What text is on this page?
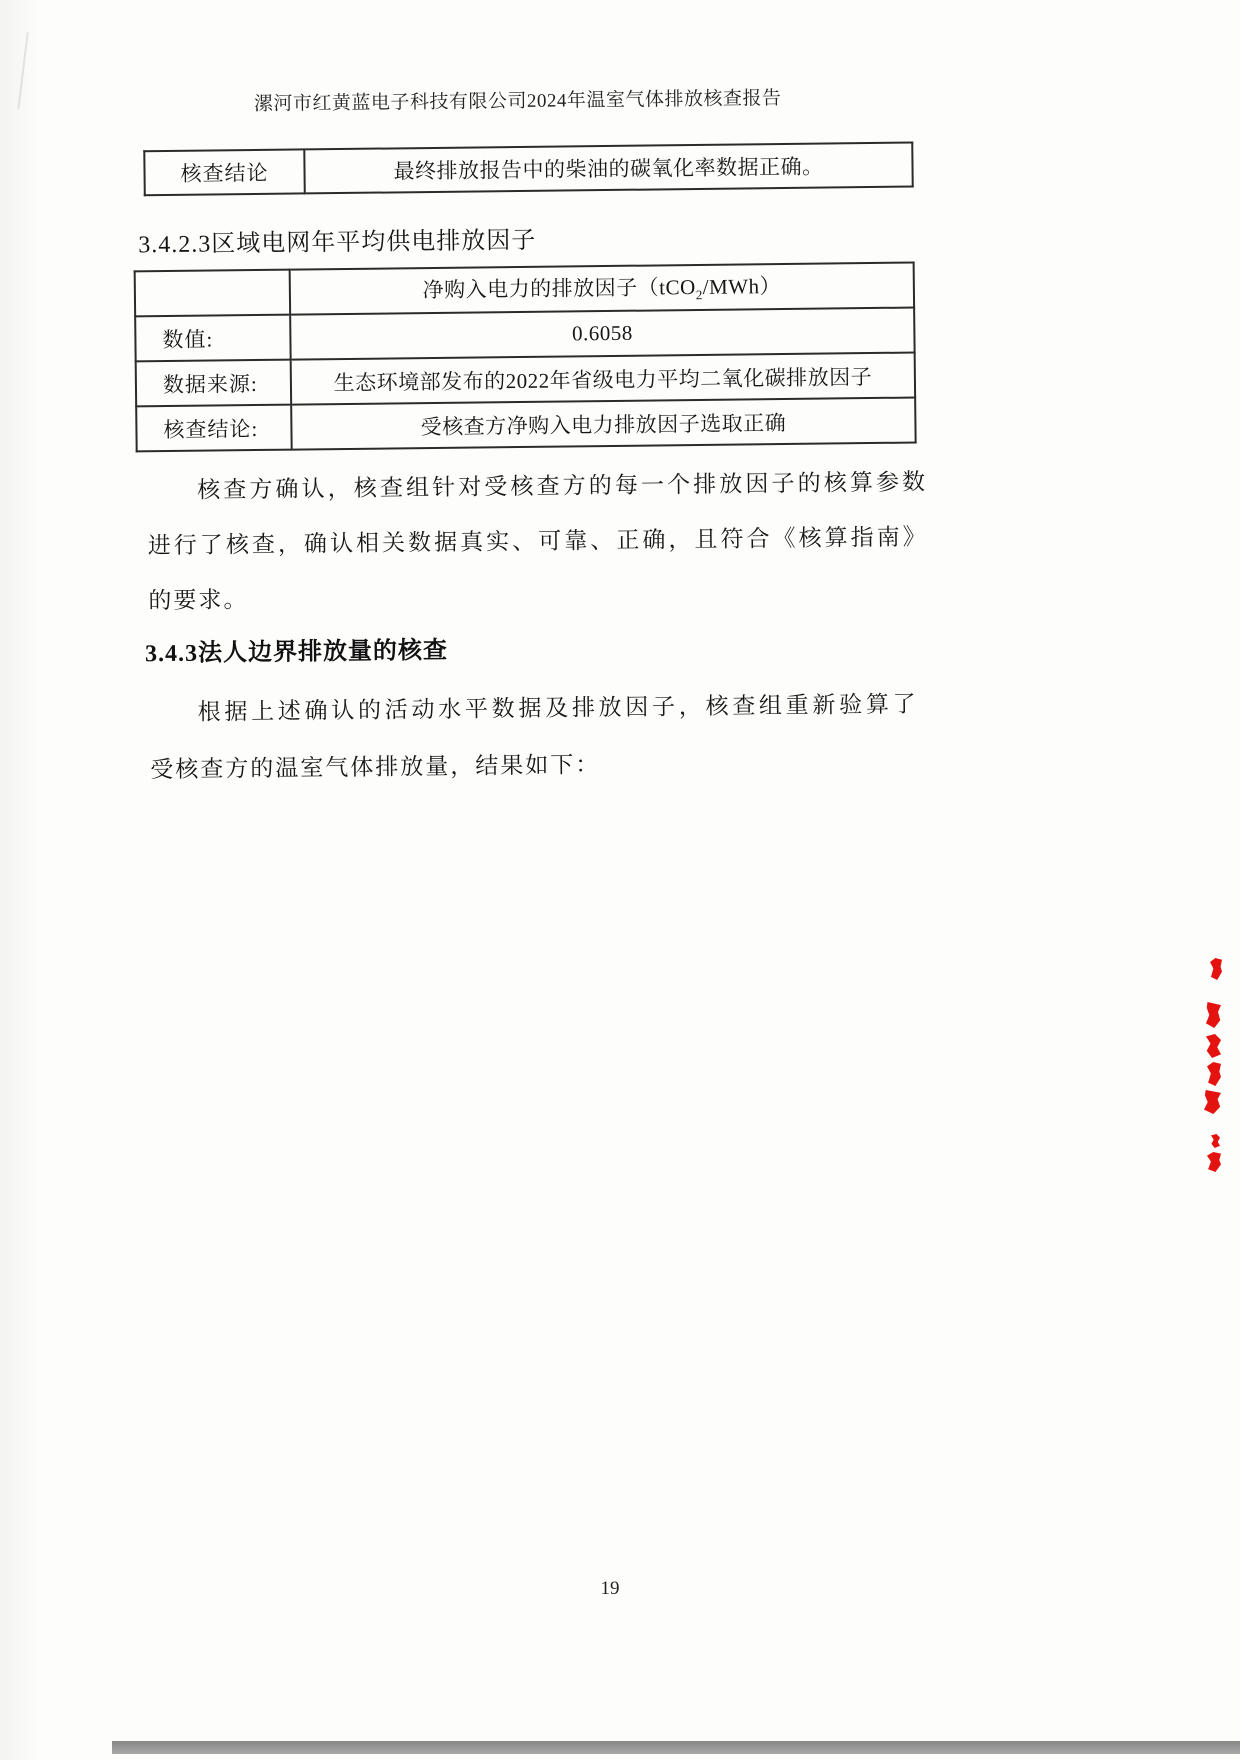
漯河市红黄蓝电子科技有限公司2024年温室气体排放核查报告
核查结论	最终排放报告中的柴油的碳氧化率数据正确。
3.4.2.3区域电网年平均供电排放因子
	净购入电力的排放因子（tCO$_2$/MWh）
数值:	0.6058
数据来源:	生态环境部发布的2022年省级电力平均二氧化碳排放因子
核查结论:	受核查方净购入电力排放因子选取正确
核查方确认，核查组针对受核查方的每一个排放因子的核算参数
进行了核查，确认相关数据真实、可靠、正确，且符合《核算指南》
的要求。
3.4.3法人边界排放量的核查
根据上述确认的活动水平数据及排放因子，核查组重新验算了
受核查方的温室气体排放量，结果如下：
19
